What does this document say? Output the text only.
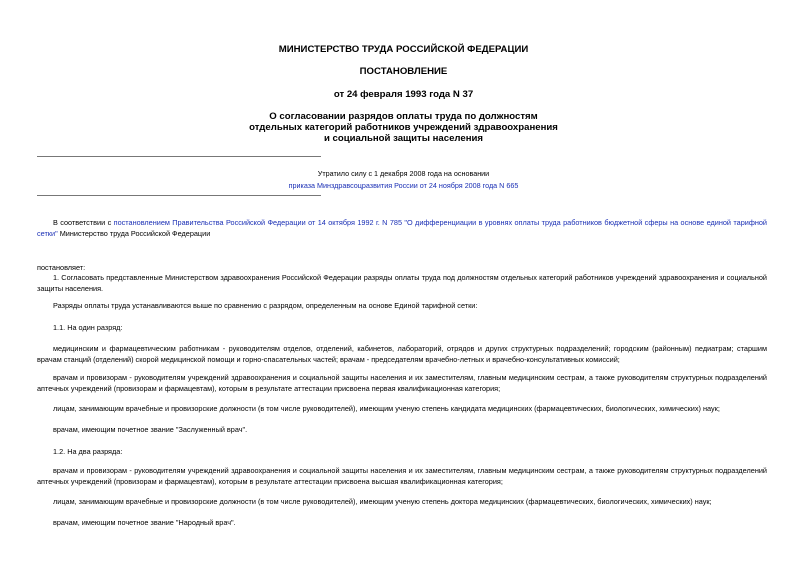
МИНИСТЕРСТВО ТРУДА РОССИЙСКОЙ ФЕДЕРАЦИИ
ПОСТАНОВЛЕНИЕ
от 24 февраля 1993 года N 37
О согласовании разрядов оплаты труда по должностям
отдельных категорий работников учреждений здравоохранения
и социальной защиты населения
Утратило силу с 1 декабря 2008 года на основании
приказа Минздравсоцразвития России от 24 ноября 2008 года N 665
В соответствии с постановлением Правительства Российской Федерации от 14 октября 1992 г. N 785 "О дифференциации в уровнях оплаты труда работников бюджетной сферы на основе единой тарифной сетки" Министерство труда Российской Федерации
постановляет:
1. Согласовать представленные Министерством здравоохранения Российской Федерации разряды оплаты труда под должностям отдельных категорий работников учреждений здравоохранения и социальной защиты населения.
Разряды оплаты труда устанавливаются выше по сравнению с разрядом, определенным на основе Единой тарифной сетки:
1.1. На один разряд:
медицинским и фармацевтическим работникам - руководителям отделов, отделений, кабинетов, лабораторий, отрядов и других структурных подразделений; городским (районным) педиатрам; старшим врачам станций (отделений) скорой медицинской помощи и горно-спасательных частей; врачам - председателям врачебно-летных и врачебно-консультативных комиссий;
врачам и провизорам - руководителям учреждений здравоохранения и социальной защиты населения и их заместителям, главным медицинским сестрам, а также руководителям структурных подразделений аптечных учреждений (провизорам и фармацевтам), которым в результате аттестации присвоена первая квалификационная категория;
лицам, занимающим врачебные и провизорские должности (в том числе руководителей), имеющим ученую степень кандидата медицинских (фармацевтических, биологических, химических) наук;
врачам, имеющим почетное звание "Заслуженный врач".
1.2. На два разряда:
врачам и провизорам - руководителям учреждений здравоохранения и социальной защиты населения и их заместителям, главным медицинским сестрам, а также руководителям структурных подразделений аптечных учреждений (провизорам и фармацевтам), которым в результате аттестации присвоена высшая квалификационная категория;
лицам, занимающим врачебные и провизорские должности (в том числе руководителей), имеющим ученую степень доктора медицинских (фармацевтических, биологических, химических) наук;
врачам, имеющим почетное звание "Народный врач".
